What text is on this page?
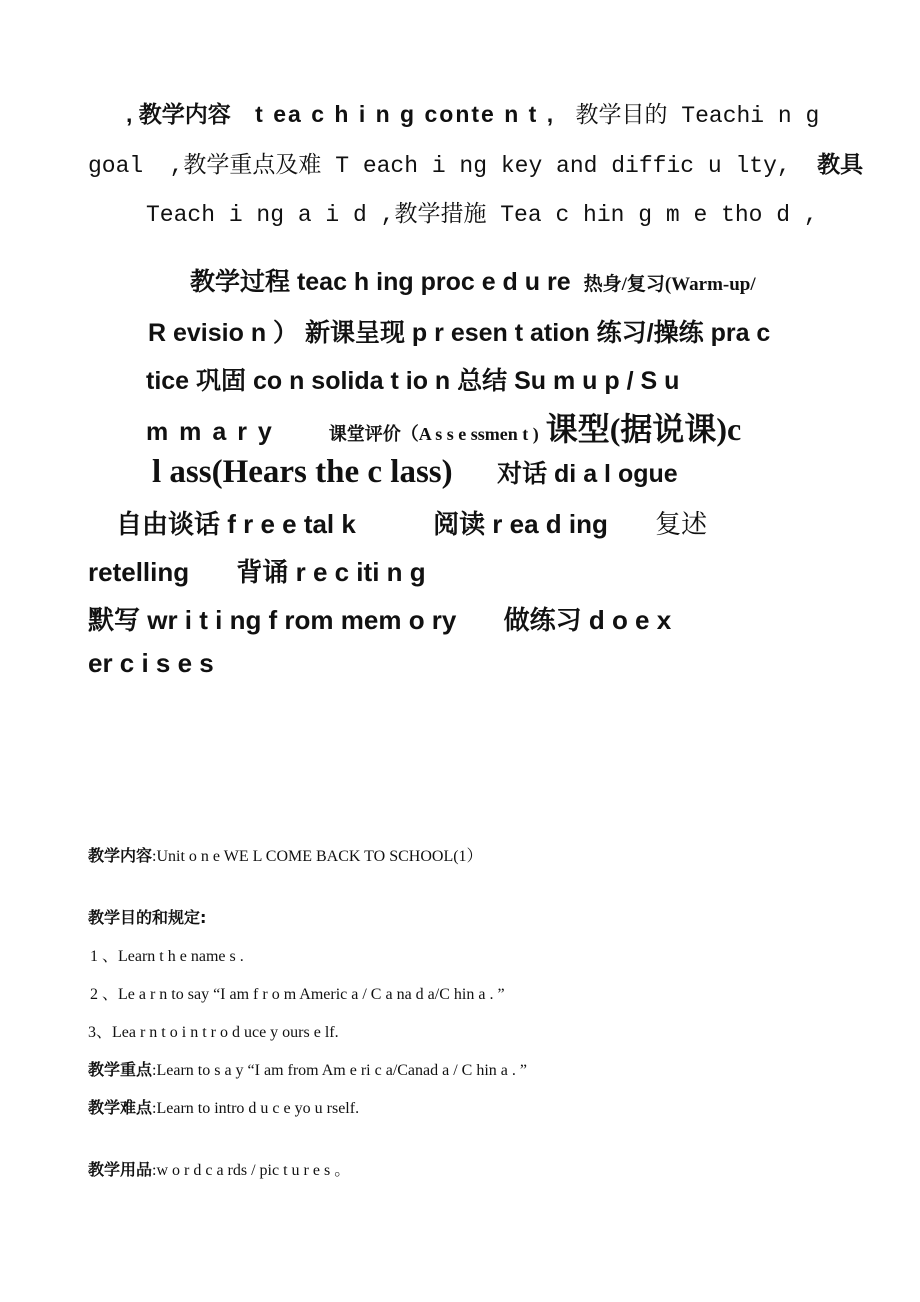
, 教学内容 t ea c h i n g conte n t , 教学目的 Teachi n g
goal ,教学重点及难 T each i ng key and diffic u lty, 教具
Teach i ng a i d ,教学措施 Tea c hin g m e tho d ,
教学过程 teac h ing proc e d u re 热身/复习(Warm-up/
R evisio n ） 新课呈现 p r esen t ation 练习/操练 pra c
tice 巩固 co n solida t io n 总结 Su m u p / S u
m m a r y	课堂评价（A s s e ssmen t ) 课型(据说课)c
l ass(Hears the c lass) 对话 di a l ogue
自由谈话 f r e e tal k	阅读 r ea d ing 复述
retelling 背诵 r e c iti n g
默写 wr i t i ng f rom mem o ry 做练习 d o e x
er c i s e s
教学内容:Unit o n e WE L COME BACK TO SCHOOL(1）
教学目的和规定:
1 、Learn t h e name s .
2 、Le a r n to say “I am f r o m Americ a / C a na d a/C hin a . ”
3、Lea r n t o i n t r o d uce y ours e lf.
教学重点:Learn to s a y “I am from Am e ri c a/Canad a / C hin a . ”
教学难点:Learn to intro d u c e yo u rself.
教学用品:w o r d c a rds / pic t u r e s 。
